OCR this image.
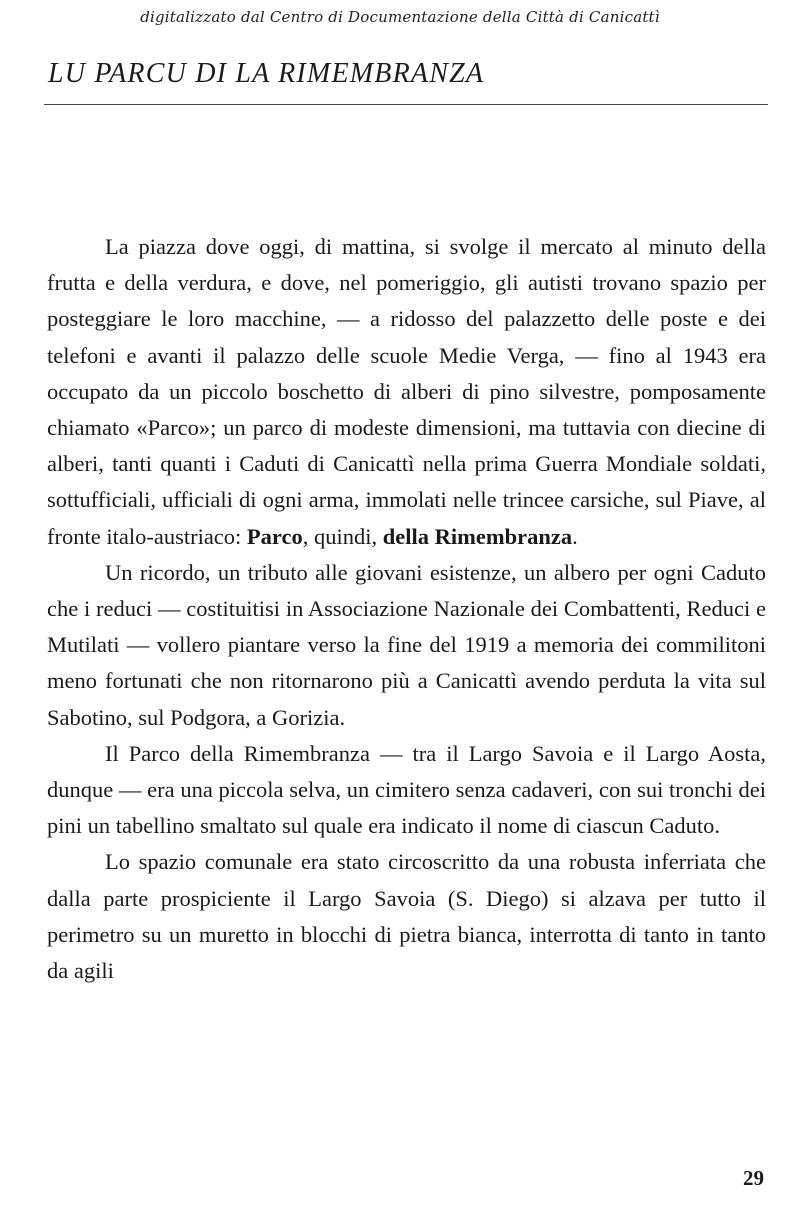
digitalizzato dal Centro di Documentazione della Città di Canicattì
LU PARCU DI LA RIMEMBRANZA

La piazza dove oggi, di mattina, si svolge il mercato al minuto della frutta e della verdura, e dove, nel pomeriggio, gli autisti trovano spazio per posteggiare le loro macchine, — a ridosso del palazzetto delle poste e dei telefoni e avanti il palazzo delle scuole Medie Verga, — fino al 1943 era occupato da un piccolo boschetto di alberi di pino silvestre, pomposamente chiamato «Parco»; un parco di modeste dimensioni, ma tuttavia con diecine di alberi, tanti quanti i Caduti di Canicattì nella prima Guerra Mondiale soldati, sottufficiali, ufficiali di ogni arma, immolati nelle trincee carsiche, sul Piave, al fronte italo-austriaco: Parco, quindi, della Rimembranza.

Un ricordo, un tributo alle giovani esistenze, un albero per ogni Caduto che i reduci — costituitisi in Associazione Nazionale dei Combattenti, Reduci e Mutilati — vollero piantare verso la fine del 1919 a memoria dei commilitoni meno fortunati che non ritornarono più a Canicattì avendo perduta la vita sul Sabotino, sul Podgora, a Gorizia.

Il Parco della Rimembranza — tra il Largo Savoia e il Largo Aosta, dunque — era una piccola selva, un cimitero senza cadaveri, con sui tronchi dei pini un tabellino smaltato sul quale era indicato il nome di ciascun Caduto.

Lo spazio comunale era stato circoscritto da una robusta inferriata che dalla parte prospiciente il Largo Savoia (S. Diego) si alzava per tutto il perimetro su un muretto in blocchi di pietra bianca, interrotta di tanto in tanto da agili

29
